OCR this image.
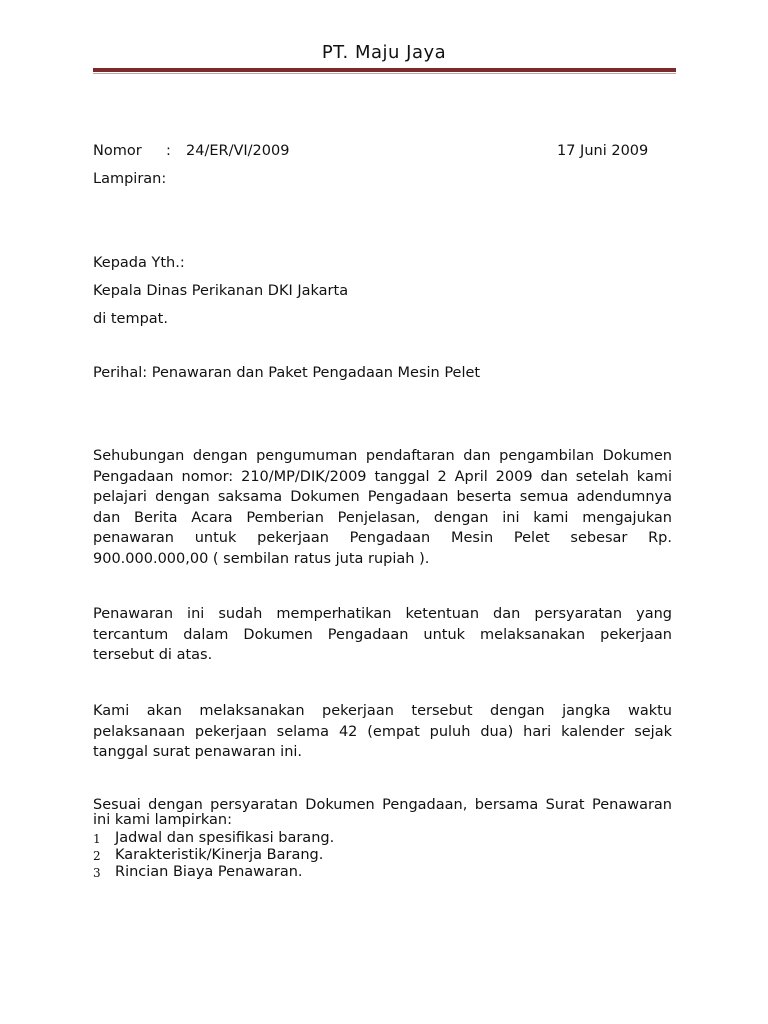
PT. Maju Jaya
Nomor : 24/ER/VI/2009	17 Juni 2009
Lampiran:
Kepada Yth.:
Kepala Dinas Perikanan DKI Jakarta
di tempat.
Perihal: Penawaran dan Paket Pengadaan Mesin Pelet

Sehubungan dengan pengumuman pendaftaran dan pengambilan Dokumen Pengadaan nomor: 210/MP/DIK/2009 tanggal 2 April 2009 dan setelah kami pelajari dengan saksama Dokumen Pengadaan beserta semua adendumnya dan Berita Acara Pemberian Penjelasan, dengan ini kami mengajukan penawaran untuk pekerjaan Pengadaan Mesin Pelet sebesar Rp. 900.000.000,00 ( sembilan ratus juta rupiah ).

Penawaran ini sudah memperhatikan ketentuan dan persyaratan yang tercantum dalam Dokumen Pengadaan untuk melaksanakan pekerjaan tersebut di atas.

Kami akan melaksanakan pekerjaan tersebut dengan jangka waktu pelaksanaan pekerjaan selama 42 (empat puluh dua) hari kalender sejak tanggal surat penawaran ini.

Sesuai dengan persyaratan Dokumen Pengadaan, bersama Surat Penawaran ini kami lampirkan:

1 Jadwal dan spesifikasi barang.
2 Karakteristik/Kinerja Barang.
3 Rincian Biaya Penawaran.
